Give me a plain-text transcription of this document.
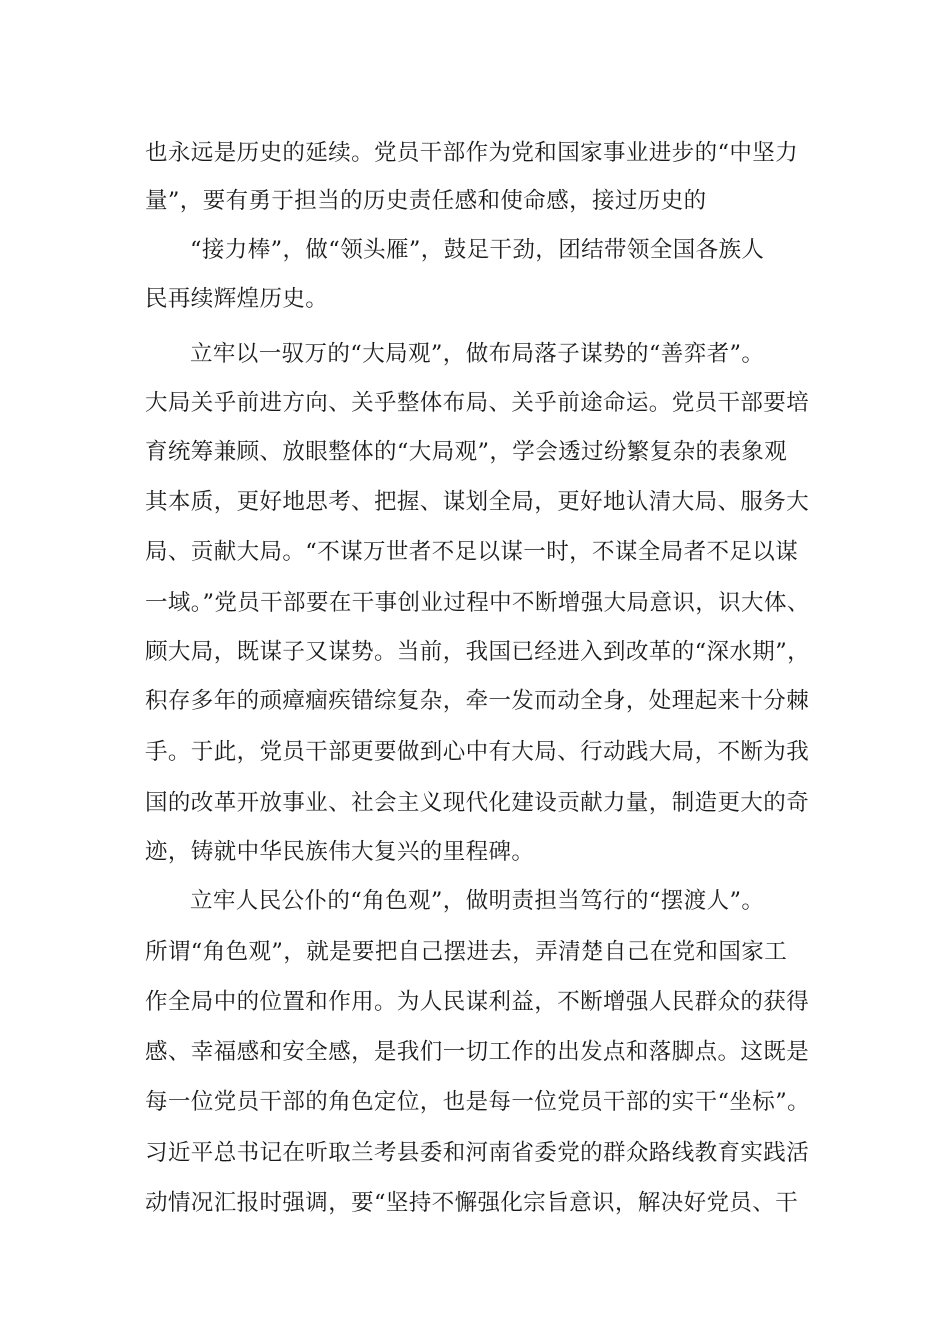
也永远是历史的延续。党员干部作为党和国家事业进步的“中坚力
量”，要有勇于担当的历史责任感和使命感，接过历史的
“接力棒”，做“领头雁”，鼓足干劲，团结带领全国各族人
民再续辉煌历史。
立牢以一驭万的“大局观”，做布局落子谋势的“善弈者”。
大局关乎前进方向、关乎整体布局、关乎前途命运。党员干部要培
育统筹兼顾、放眼整体的“大局观”，学会透过纷繁复杂的表象观
其本质，更好地思考、把握、谋划全局，更好地认清大局、服务大
局、贡献大局。“不谋万世者不足以谋一时，不谋全局者不足以谋
一域。”党员干部要在干事创业过程中不断增强大局意识，识大体、
顾大局，既谋子又谋势。当前，我国已经进入到改革的“深水期”，
积存多年的顽瘴痼疾错综复杂，牵一发而动全身，处理起来十分棘
手。于此，党员干部更要做到心中有大局、行动践大局，不断为我
国的改革开放事业、社会主义现代化建设贡献力量，制造更大的奇
迹，铸就中华民族伟大复兴的里程碑。
立牢人民公仆的“角色观”，做明责担当笃行的“摆渡人”。
所谓“角色观”，就是要把自己摆进去，弄清楚自己在党和国家工
作全局中的位置和作用。为人民谋利益，不断增强人民群众的获得
感、幸福感和安全感，是我们一切工作的出发点和落脚点。这既是
每一位党员干部的角色定位，也是每一位党员干部的实干“坐标”。
习近平总书记在听取兰考县委和河南省委党的群众路线教育实践活
动情况汇报时强调，要“坚持不懈强化宗旨意识，解决好党员、干
